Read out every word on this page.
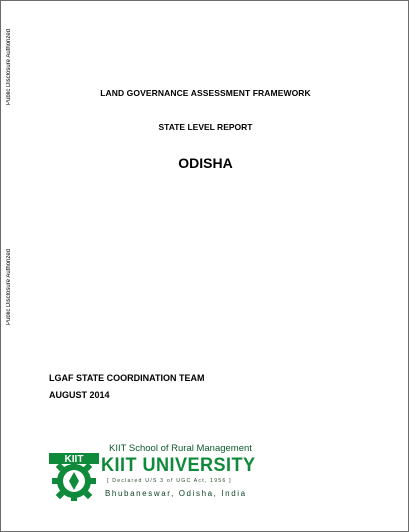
Public Disclosure Authorized
Public Disclosure Authorized
LAND GOVERNANCE ASSESSMENT FRAMEWORK
STATE LEVEL REPORT
ODISHA
LGAF STATE COORDINATION TEAM
AUGUST 2014
KIIT
KIIT School of Rural Management
KIIT UNIVERSITY
[ Declared U/S 3 of UGC Act, 1956 ]
Bhubaneswar, Odisha, India
